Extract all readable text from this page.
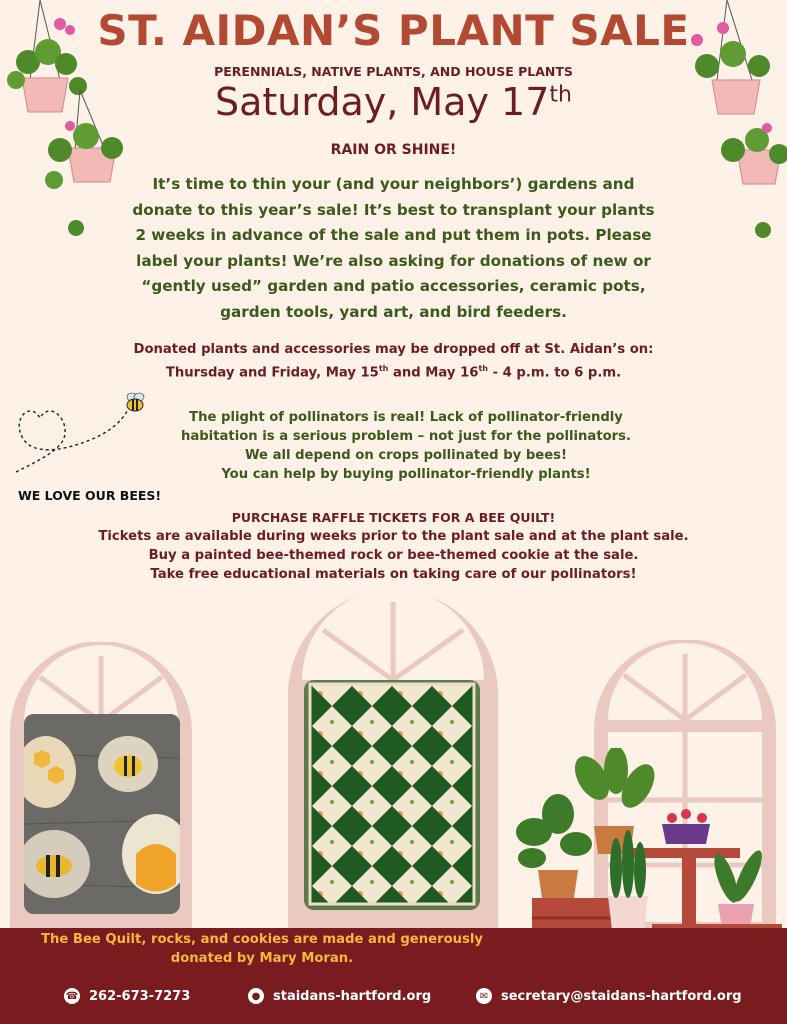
ST. AIDAN’S PLANT SALE
PERENNIALS, NATIVE PLANTS, AND HOUSE PLANTS
Saturday, May 17th
RAIN OR SHINE!
It’s time to thin your (and your neighbors’) gardens and donate to this year’s sale! It’s best to transplant your plants 2 weeks in advance of the sale and put them in pots. Please label your plants! We’re also asking for donations of new or “gently used” garden and patio accessories, ceramic pots, garden tools, yard art, and bird feeders.
Donated plants and accessories may be dropped off at St. Aidan’s on:
Thursday and Friday, May 15th and May 16th - 4 p.m. to 6 p.m.
The plight of pollinators is real! Lack of pollinator-friendly
habitation is a serious problem – not just for the pollinators.
We all depend on crops pollinated by bees!
You can help by buying pollinator-friendly plants!
WE LOVE OUR BEES!
PURCHASE RAFFLE TICKETS FOR A BEE QUILT!
Tickets are available during weeks prior to the plant sale and at the plant sale.
Buy a painted bee-themed rock or bee-themed cookie at the sale.
Take free educational materials on taking care of our pollinators!
The Bee Quilt, rocks, and cookies are made and generously donated by Mary Moran.
☎ 262-673-7273	● staidans-hartford.org	✉ secretary@staidans-hartford.org
